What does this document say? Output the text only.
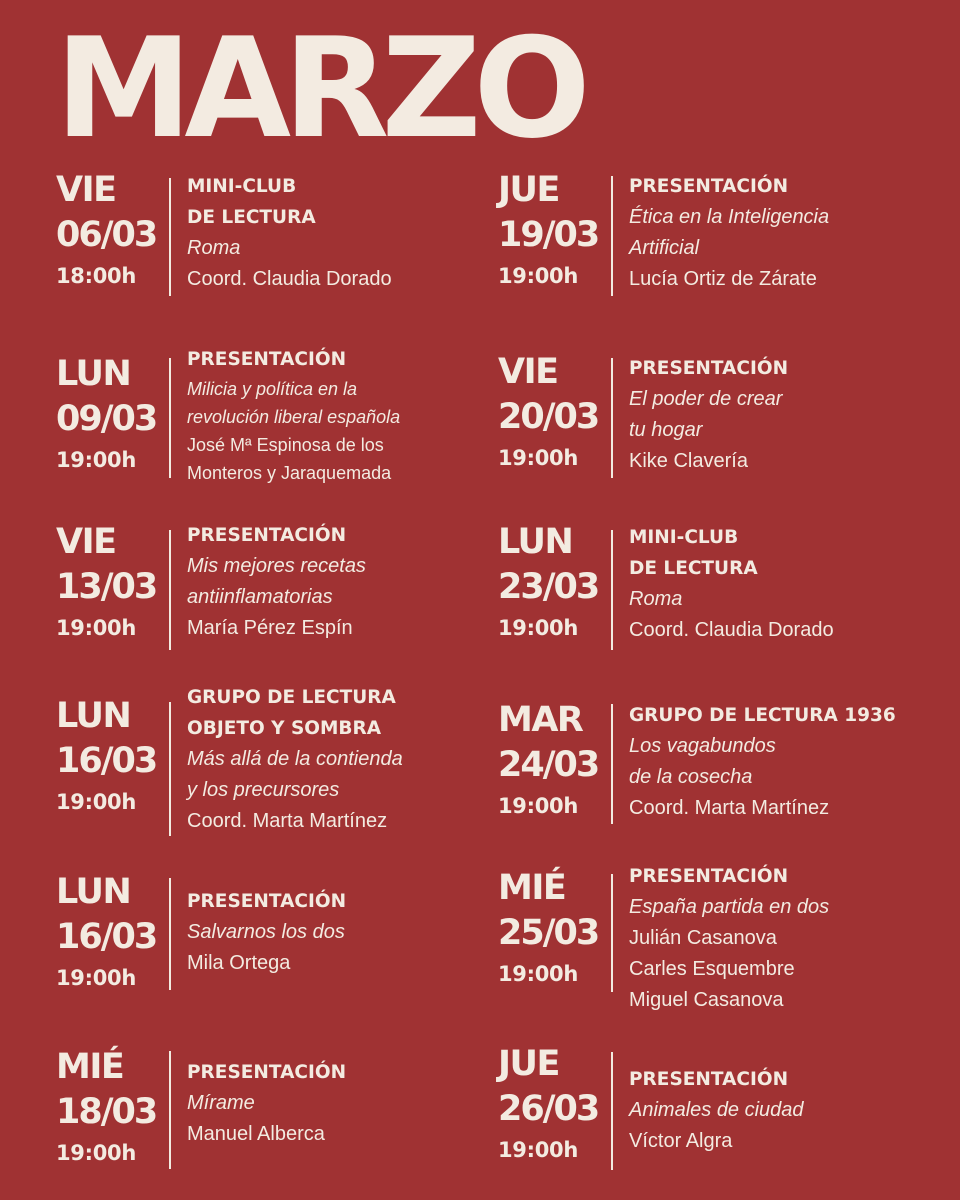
MARZO
VIE
06/03
18:00h
MINI-CLUB
DE LECTURA
Roma
Coord. Claudia Dorado
LUN
09/03
19:00h
PRESENTACIÓN
Milicia y política en la
revolución liberal española
José Mª Espinosa de los
Monteros y Jaraquemada
VIE
13/03
19:00h
PRESENTACIÓN
Mis mejores recetas
antiinflamatorias
María Pérez Espín
LUN
16/03
19:00h
GRUPO DE LECTURA
OBJETO Y SOMBRA
Más allá de la contienda
y los precursores
Coord. Marta Martínez
LUN
16/03
19:00h
PRESENTACIÓN
Salvarnos los dos
Mila Ortega
MIÉ
18/03
19:00h
PRESENTACIÓN
Mírame
Manuel Alberca
JUE
19/03
19:00h
PRESENTACIÓN
Ética en la Inteligencia
Artificial
Lucía Ortiz de Zárate
VIE
20/03
19:00h
PRESENTACIÓN
El poder de crear
tu hogar
Kike Clavería
LUN
23/03
19:00h
MINI-CLUB
DE LECTURA
Roma
Coord. Claudia Dorado
MAR
24/03
19:00h
GRUPO DE LECTURA 1936
Los vagabundos
de la cosecha
Coord. Marta Martínez
MIÉ
25/03
19:00h
PRESENTACIÓN
España partida en dos
Julián Casanova
Carles Esquembre
Miguel Casanova
JUE
26/03
19:00h
PRESENTACIÓN
Animales de ciudad
Víctor Algra
